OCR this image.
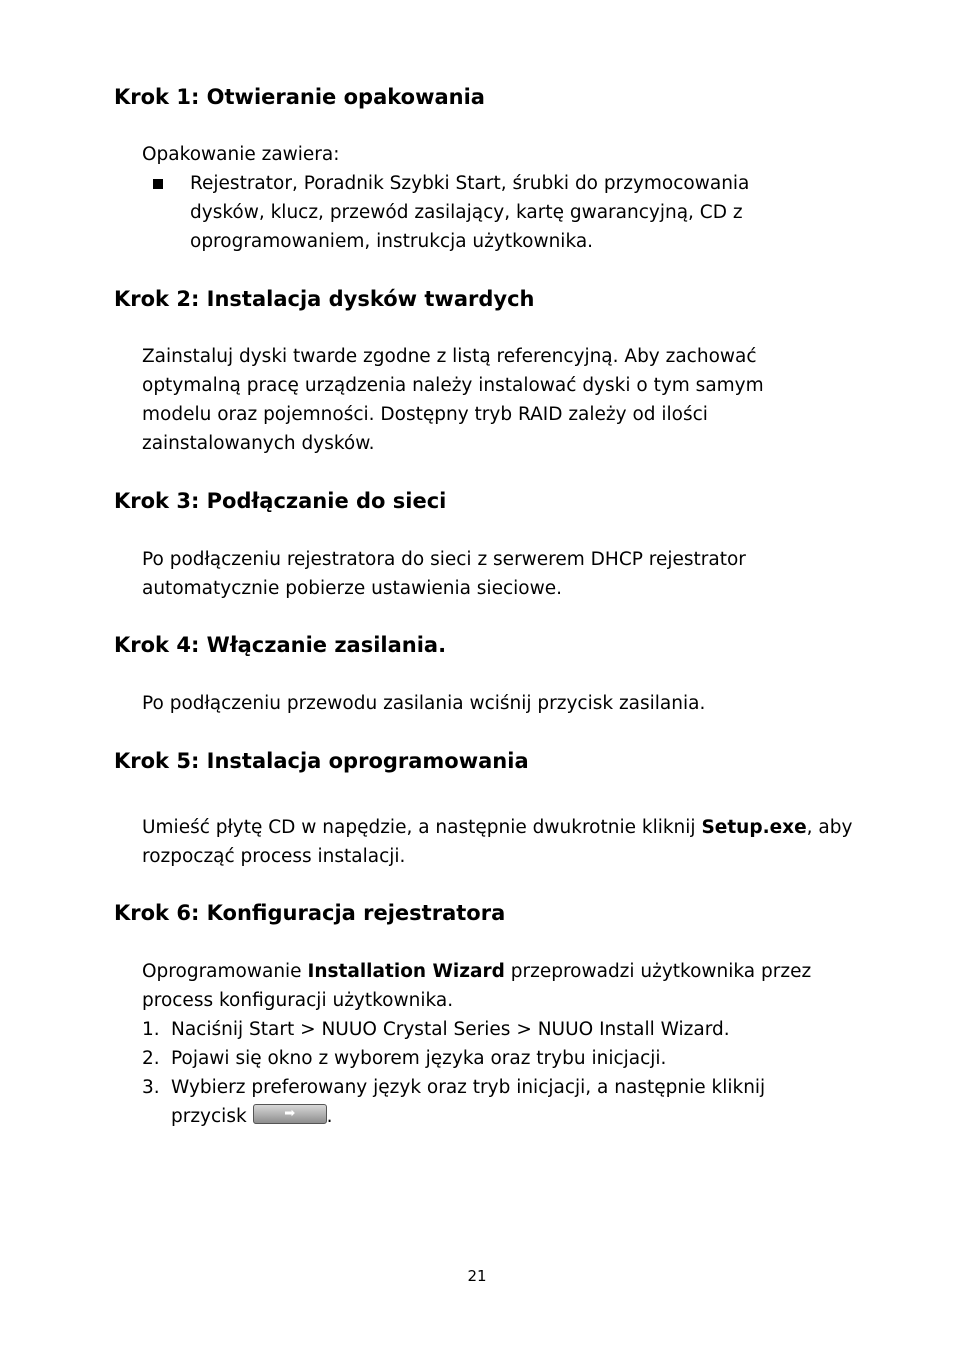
Krok 1: Otwieranie opakowania

Opakowanie zawiera:

Rejestrator, Poradnik Szybki Start, śrubki do przymocowania dysków, klucz, przewód zasilający, kartę gwarancyjną, CD z oprogramowaniem, instrukcja użytkownika.

Krok 2: Instalacja dysków twardych

Zainstaluj dyski twarde zgodne z listą referencyjną. Aby zachować optymalną pracę urządzenia należy instalować dyski o tym samym modelu oraz pojemności. Dostępny tryb RAID zależy od ilości zainstalowanych dysków.

Krok 3: Podłączanie do sieci

Po podłączeniu rejestratora do sieci z serwerem DHCP rejestrator automatycznie pobierze ustawienia sieciowe.

Krok 4: Włączanie zasilania.

Po podłączeniu przewodu zasilania wciśnij przycisk zasilania.

Krok 5: Instalacja oprogramowania

Umieść płytę CD w napędzie, a następnie dwukrotnie kliknij Setup.exe, aby rozpocząć process instalacji.

Krok 6: Konfiguracja rejestratora

Oprogramowanie Installation Wizard przeprowadzi użytkownika przez process konfiguracji użytkownika.

1. Naciśnij Start > NUUO Crystal Series > NUUO Install Wizard.
2. Pojawi się okno z wyborem języka oraz trybu inicjacji.
3. Wybierz preferowany język oraz tryb inicjacji, a następnie kliknij
przycisk	➡	.
21
